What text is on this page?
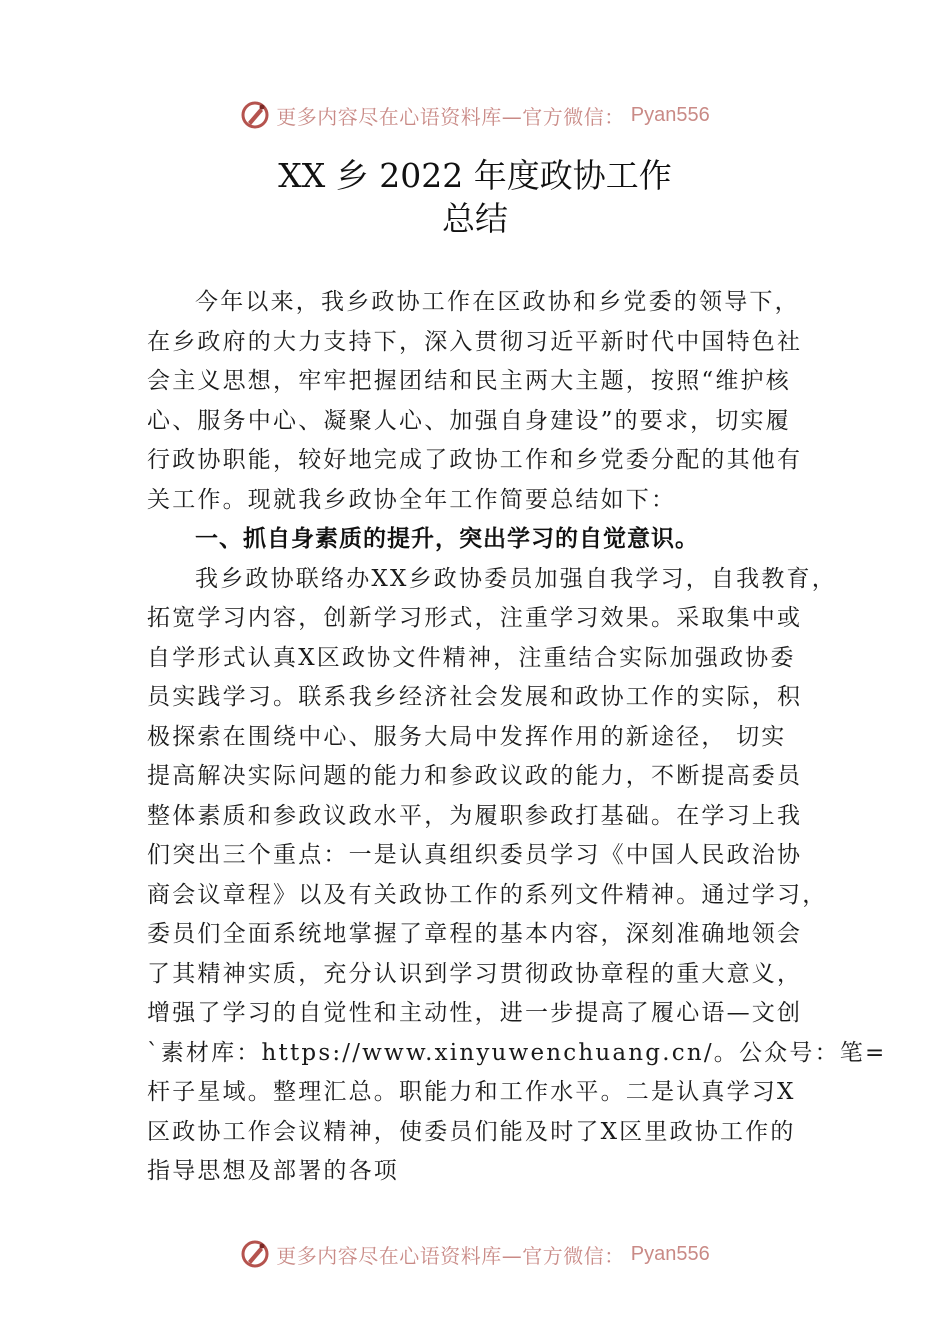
更多内容尽在心语资料库—官方微信： Pyan556
XX 乡 2022 年度政协工作
总结
今年以来，我乡政协工作在区政协和乡党委的领导下，
在乡政府的大力支持下，深入贯彻习近平新时代中国特色社
会主义思想，牢牢把握团结和民主两大主题，按照“维护核
心、服务中心、凝聚人心、加强自身建设”的要求，切实履
行政协职能，较好地完成了政协工作和乡党委分配的其他有
关工作。现就我乡政协全年工作简要总结如下：
一、抓自身素质的提升，突出学习的自觉意识。
我乡政协联络办XX乡政协委员加强自我学习，自我教育，
拓宽学习内容，创新学习形式，注重学习效果。采取集中或
自学形式认真X区政协文件精神，注重结合实际加强政协委
员实践学习。联系我乡经济社会发展和政协工作的实际，积
极探索在围绕中心、服务大局中发挥作用的新途径， 切实
提高解决实际问题的能力和参政议政的能力，不断提高委员
整体素质和参政议政水平，为履职参政打基础。在学习上我
们突出三个重点：一是认真组织委员学习《中国人民政治协
商会议章程》以及有关政协工作的系列文件精神。通过学习，
委员们全面系统地掌握了章程的基本内容，深刻准确地领会
了其精神实质，充分认识到学习贯彻政协章程的重大意义，
增强了学习的自觉性和主动性，进一步提高了履心语—文创
`素材库：https://www.xinyuwenchuang.cn/。公众号：笔=
杆子星域。整理汇总。职能力和工作水平。二是认真学习X
区政协工作会议精神，使委员们能及时了X区里政协工作的
指导思想及部署的各项
更多内容尽在心语资料库—官方微信： Pyan556
